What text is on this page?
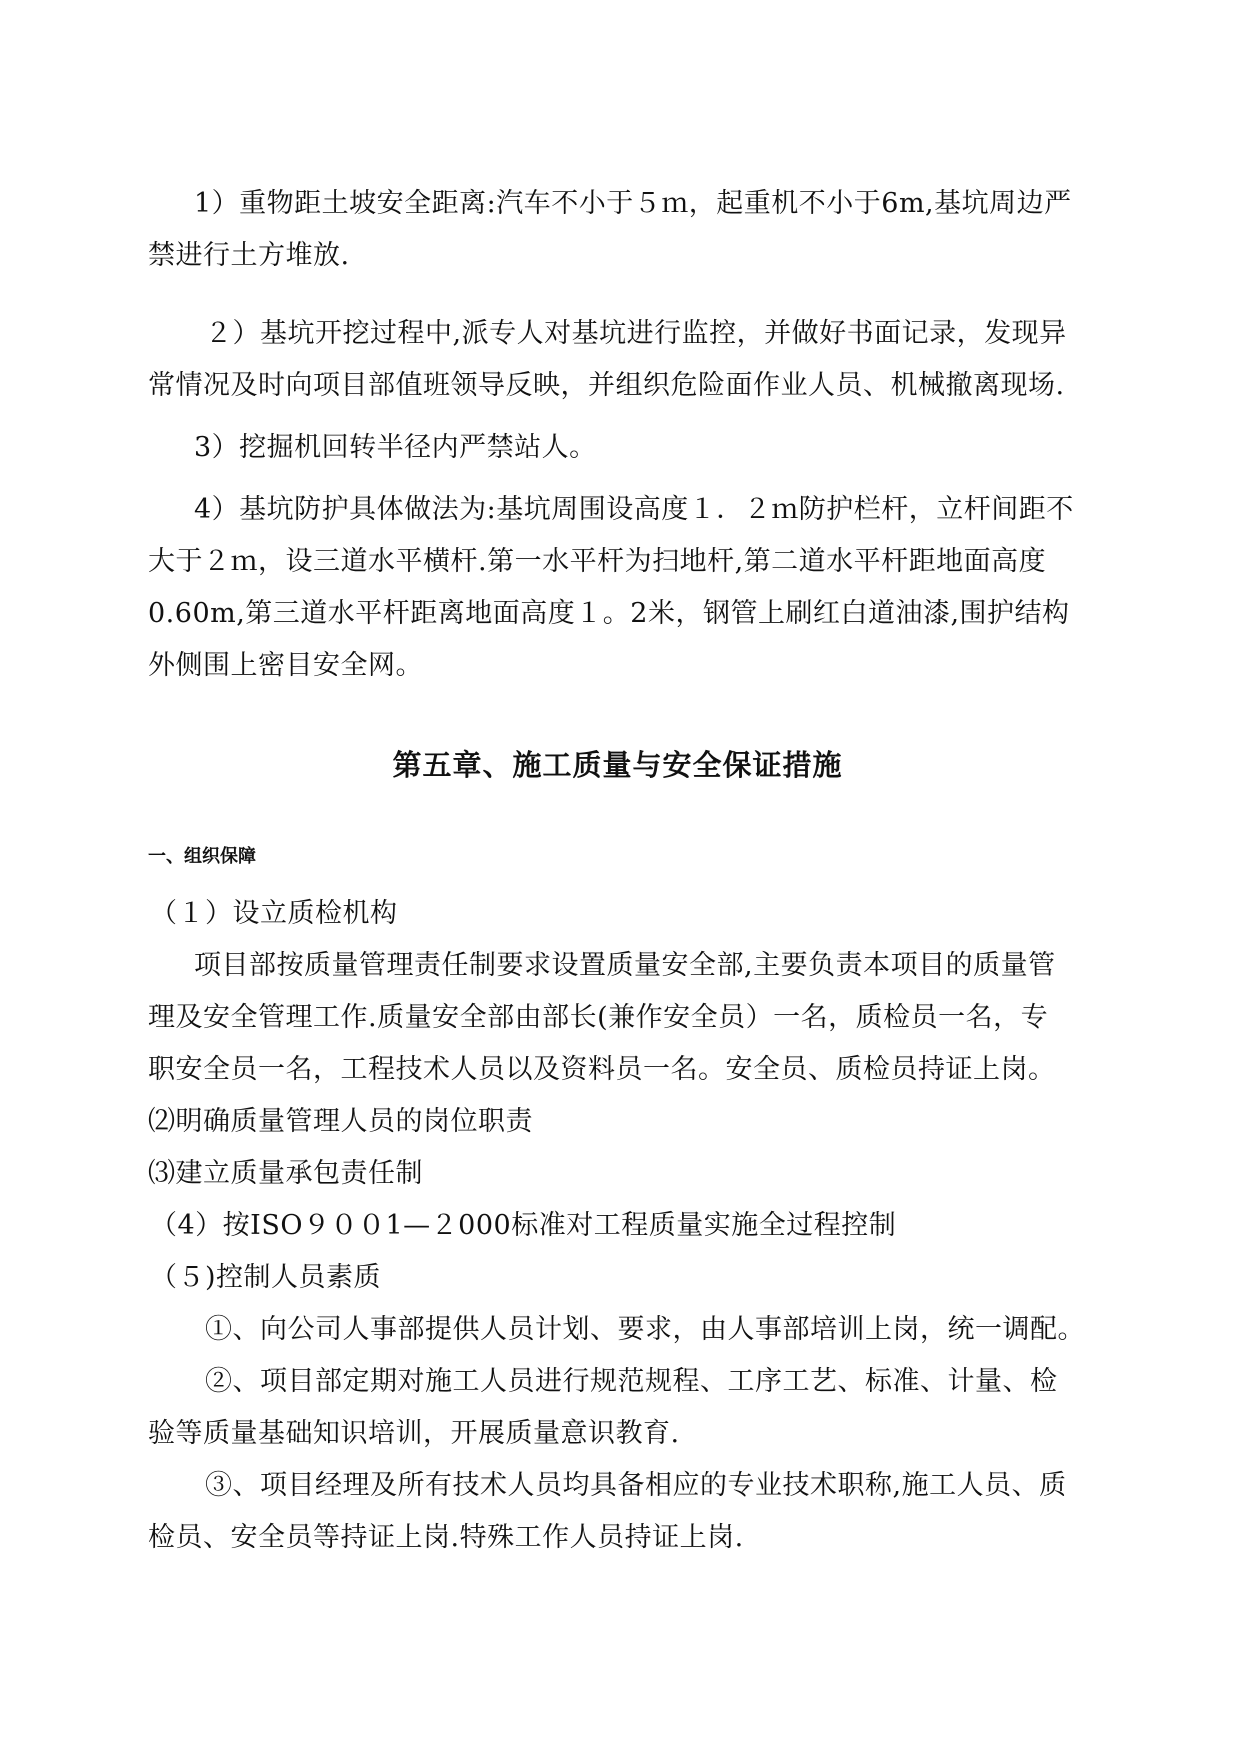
1）重物距土坡安全距离:汽车不小于５ｍ，起重机不小于6m,基坑周边严
禁进行土方堆放.
２）基坑开挖过程中,派专人对基坑进行监控，并做好书面记录，发现异
常情况及时向项目部值班领导反映，并组织危险面作业人员、机械撤离现场.
3）挖掘机回转半径内严禁站人。
4）基坑防护具体做法为:基坑周围设高度１．２ｍ防护栏杆，立杆间距不
大于２ｍ，设三道水平横杆.第一水平杆为扫地杆,第二道水平杆距地面高度
0.60m,第三道水平杆距离地面高度１。2米，钢管上刷红白道油漆,围护结构
外侧围上密目安全网。
第五章、施工质量与安全保证措施
一、组织保障
（１）设立质检机构
项目部按质量管理责任制要求设置质量安全部,主要负责本项目的质量管
理及安全管理工作.质量安全部由部长(兼作安全员）一名，质检员一名，专
职安全员一名，工程技术人员以及资料员一名。安全员、质检员持证上岗。
⑵明确质量管理人员的岗位职责
⑶建立质量承包责任制
（4）按ISO９００1—２000标准对工程质量实施全过程控制
（５)控制人员素质
①、向公司人事部提供人员计划、要求，由人事部培训上岗，统一调配。
②、项目部定期对施工人员进行规范规程、工序工艺、标准、计量、检
验等质量基础知识培训，开展质量意识教育.
③、项目经理及所有技术人员均具备相应的专业技术职称,施工人员、质
检员、安全员等持证上岗.特殊工作人员持证上岗.
